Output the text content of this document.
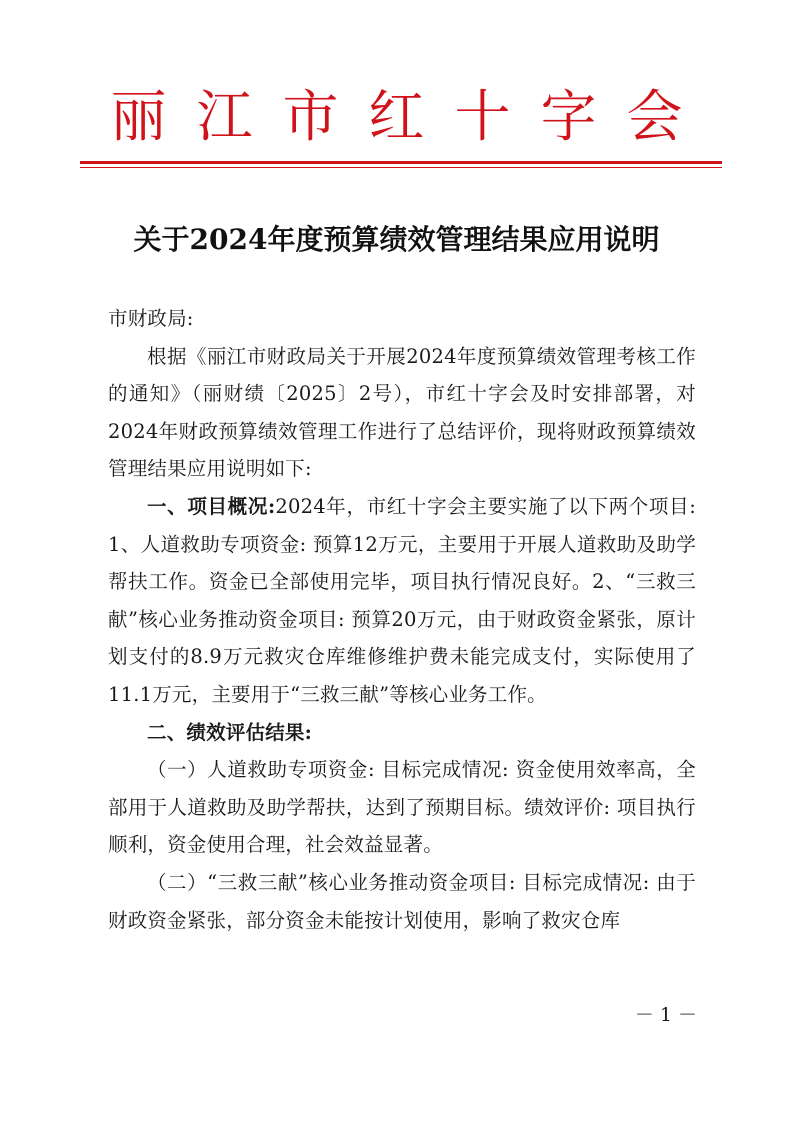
丽 江 市 红 十 字 会
关于2024年度预算绩效管理结果应用说明

市财政局:

根据《丽江市财政局关于开展2024年度预算绩效管理考核工作的通知》（丽财绩〔2025〕2号），市红十字会及时安排部署，对2024年财政预算绩效管理工作进行了总结评价，现将财政预算绩效管理结果应用说明如下:

一、项目概况:2024年，市红十字会主要实施了以下两个项目: 1、人道救助专项资金: 预算12万元，主要用于开展人道救助及助学帮扶工作。资金已全部使用完毕，项目执行情况良好。2、“三救三献”核心业务推动资金项目: 预算20万元，由于财政资金紧张，原计划支付的8.9万元救灾仓库维修维护费未能完成支付，实际使用了11.1万元，主要用于“三救三献”等核心业务工作。

二、绩效评估结果:

（一）人道救助专项资金: 目标完成情况: 资金使用效率高，全部用于人道救助及助学帮扶，达到了预期目标。绩效评价: 项目执行顺利，资金使用合理，社会效益显著。

（二）“三救三献”核心业务推动资金项目: 目标完成情况: 由于财政资金紧张，部分资金未能按计划使用，影响了救灾仓库

－ 1 －
